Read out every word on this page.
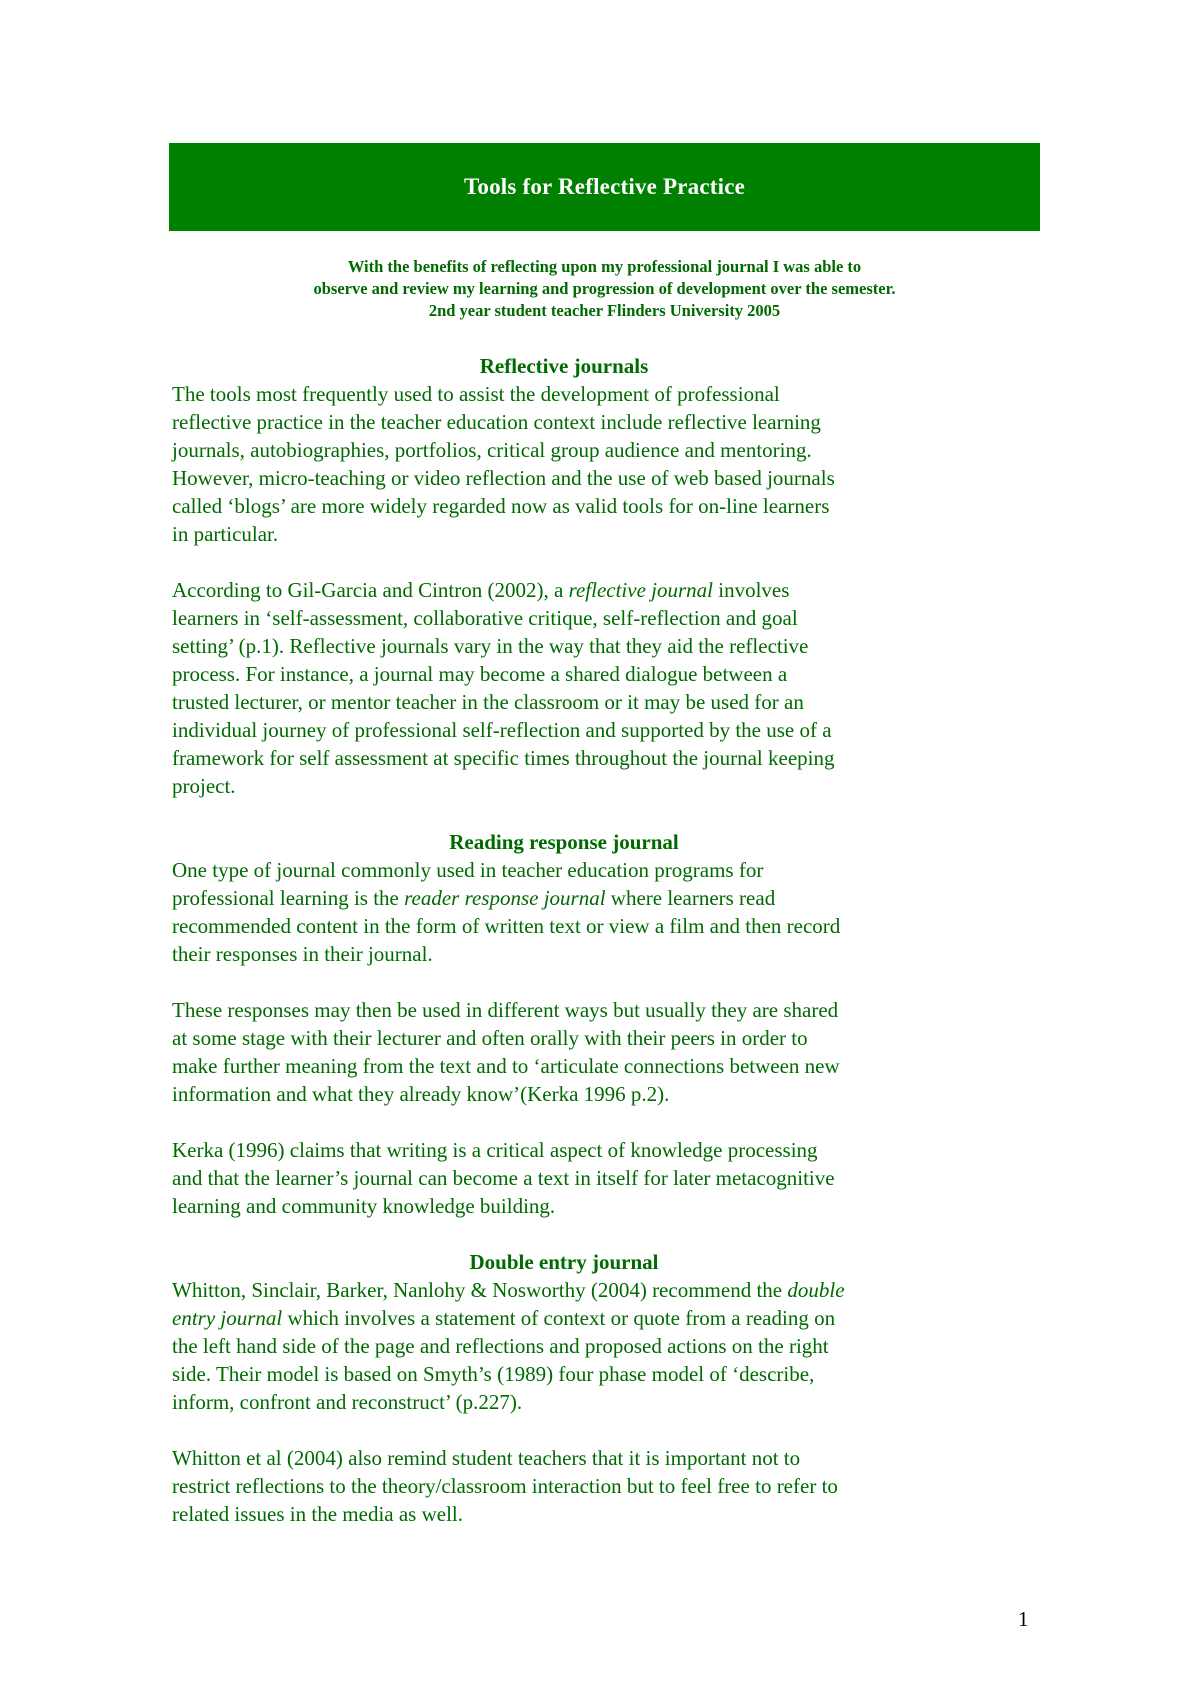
Tools for Reflective Practice
With the benefits of reflecting upon my professional journal I was able to
observe and review my learning and progression of development over the semester.
2nd year student teacher Flinders University 2005
Reflective journals

The tools most frequently used to assist the development of professional
reflective practice in the teacher education context include reflective learning
journals, autobiographies, portfolios, critical group audience and mentoring.
However, micro-teaching or video reflection and the use of web based journals
called ‘blogs’ are more widely regarded now as valid tools for on-line learners
in particular.

According to Gil-Garcia and Cintron (2002), a reflective journal involves
learners in ‘self-assessment, collaborative critique, self-reflection and goal
setting’ (p.1). Reflective journals vary in the way that they aid the reflective
process. For instance, a journal may become a shared dialogue between a
trusted lecturer, or mentor teacher in the classroom or it may be used for an
individual journey of professional self-reflection and supported by the use of a
framework for self assessment at specific times throughout the journal keeping
project.

Reading response journal

One type of journal commonly used in teacher education programs for
professional learning is the reader response journal where learners read
recommended content in the form of written text or view a film and then record
their responses in their journal.

These responses may then be used in different ways but usually they are shared
at some stage with their lecturer and often orally with their peers in order to
make further meaning from the text and to ‘articulate connections between new
information and what they already know’(Kerka 1996 p.2).

Kerka (1996) claims that writing is a critical aspect of knowledge processing
and that the learner’s journal can become a text in itself for later metacognitive
learning and community knowledge building.

Double entry journal

Whitton, Sinclair, Barker, Nanlohy & Nosworthy (2004) recommend the double
entry journal which involves a statement of context or quote from a reading on
the left hand side of the page and reflections and proposed actions on the right
side. Their model is based on Smyth’s (1989) four phase model of ‘describe,
inform, confront and reconstruct’ (p.227).

Whitton et al (2004) also remind student teachers that it is important not to
restrict reflections to the theory/classroom interaction but to feel free to refer to
related issues in the media as well.

1
